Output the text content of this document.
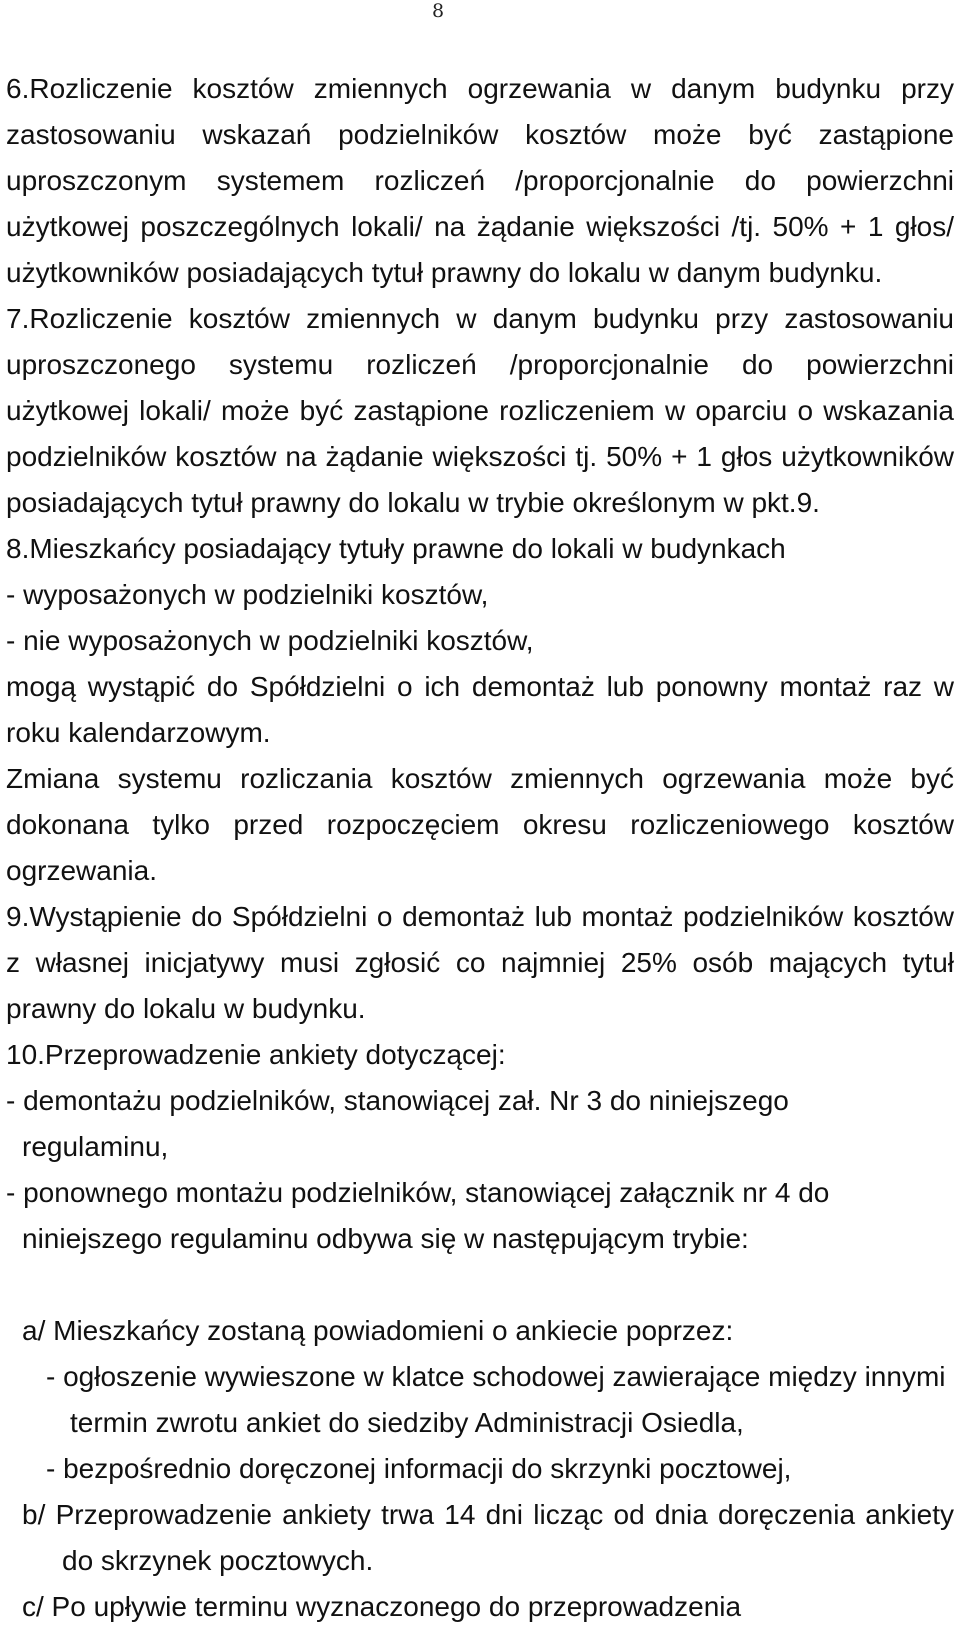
8

6.Rozliczenie kosztów zmiennych ogrzewania w danym budynku przy zastosowaniu wskazań podzielników kosztów może być zastąpione uproszczonym systemem rozliczeń /proporcjonalnie do powierzchni użytkowej poszczególnych lokali/ na żądanie większości /tj. 50% + 1 głos/ użytkowników posiadających tytuł prawny do lokalu w danym budynku.

7.Rozliczenie kosztów zmiennych w danym budynku przy zastosowaniu uproszczonego systemu rozliczeń /proporcjonalnie do powierzchni użytkowej lokali/ może być zastąpione rozliczeniem w oparciu o wskazania podzielników kosztów na żądanie większości tj. 50% + 1 głos użytkowników posiadających tytuł prawny do lokalu w trybie określonym w pkt.9.

8.Mieszkańcy posiadający tytuły prawne do lokali w budynkach

- wyposażonych w podzielniki kosztów,

- nie wyposażonych w podzielniki kosztów,

mogą wystąpić do Spółdzielni o ich demontaż lub ponowny montaż raz w roku kalendarzowym.

Zmiana systemu rozliczania kosztów zmiennych ogrzewania może być dokonana tylko przed rozpoczęciem okresu rozliczeniowego kosztów ogrzewania.

9.Wystąpienie do Spółdzielni o demontaż lub montaż podzielników kosztów z własnej inicjatywy musi zgłosić co najmniej 25% osób mających tytuł prawny do lokalu w budynku.

10.Przeprowadzenie ankiety dotyczącej:

- demontażu podzielników, stanowiącej zał. Nr 3 do niniejszego

regulaminu,

- ponownego montażu podzielników, stanowiącej załącznik nr 4 do

niniejszego regulaminu odbywa się w następującym trybie:

a/ Mieszkańcy zostaną powiadomieni o ankiecie poprzez:

- ogłoszenie wywieszone w klatce schodowej zawierające między innymi termin zwrotu ankiet do siedziby Administracji Osiedla,

- bezpośrednio doręczonej informacji do skrzynki pocztowej,

b/ Przeprowadzenie ankiety trwa 14 dni licząc od dnia doręczenia ankiety do skrzynek pocztowych.

c/ Po upływie terminu wyznaczonego do przeprowadzenia
